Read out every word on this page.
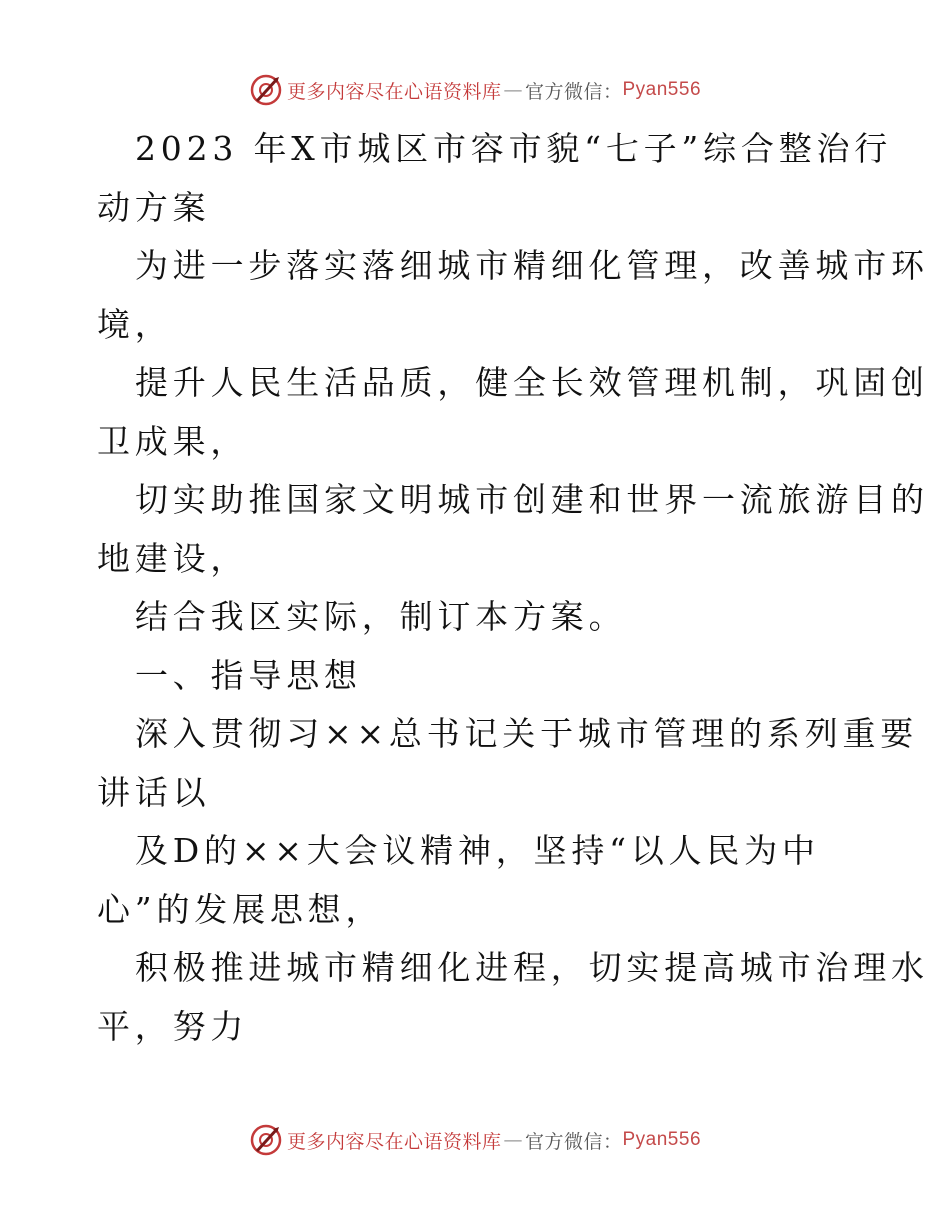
更多内容尽在心语资料库 — 官方微信： Pyan556
2023 年X市城区市容市貌“七子”综合整治行
动方案
为进一步落实落细城市精细化管理，改善城市环
境，
提升人民生活品质，健全长效管理机制，巩固创
卫成果，
切实助推国家文明城市创建和世界一流旅游目的
地建设，
结合我区实际，制订本方案。
一、指导思想
深入贯彻习××总书记关于城市管理的系列重要
讲话以
及D的××大会议精神，坚持“以人民为中
心”的发展思想，
积极推进城市精细化进程，切实提高城市治理水
平，努力
更多内容尽在心语资料库 — 官方微信： Pyan556
